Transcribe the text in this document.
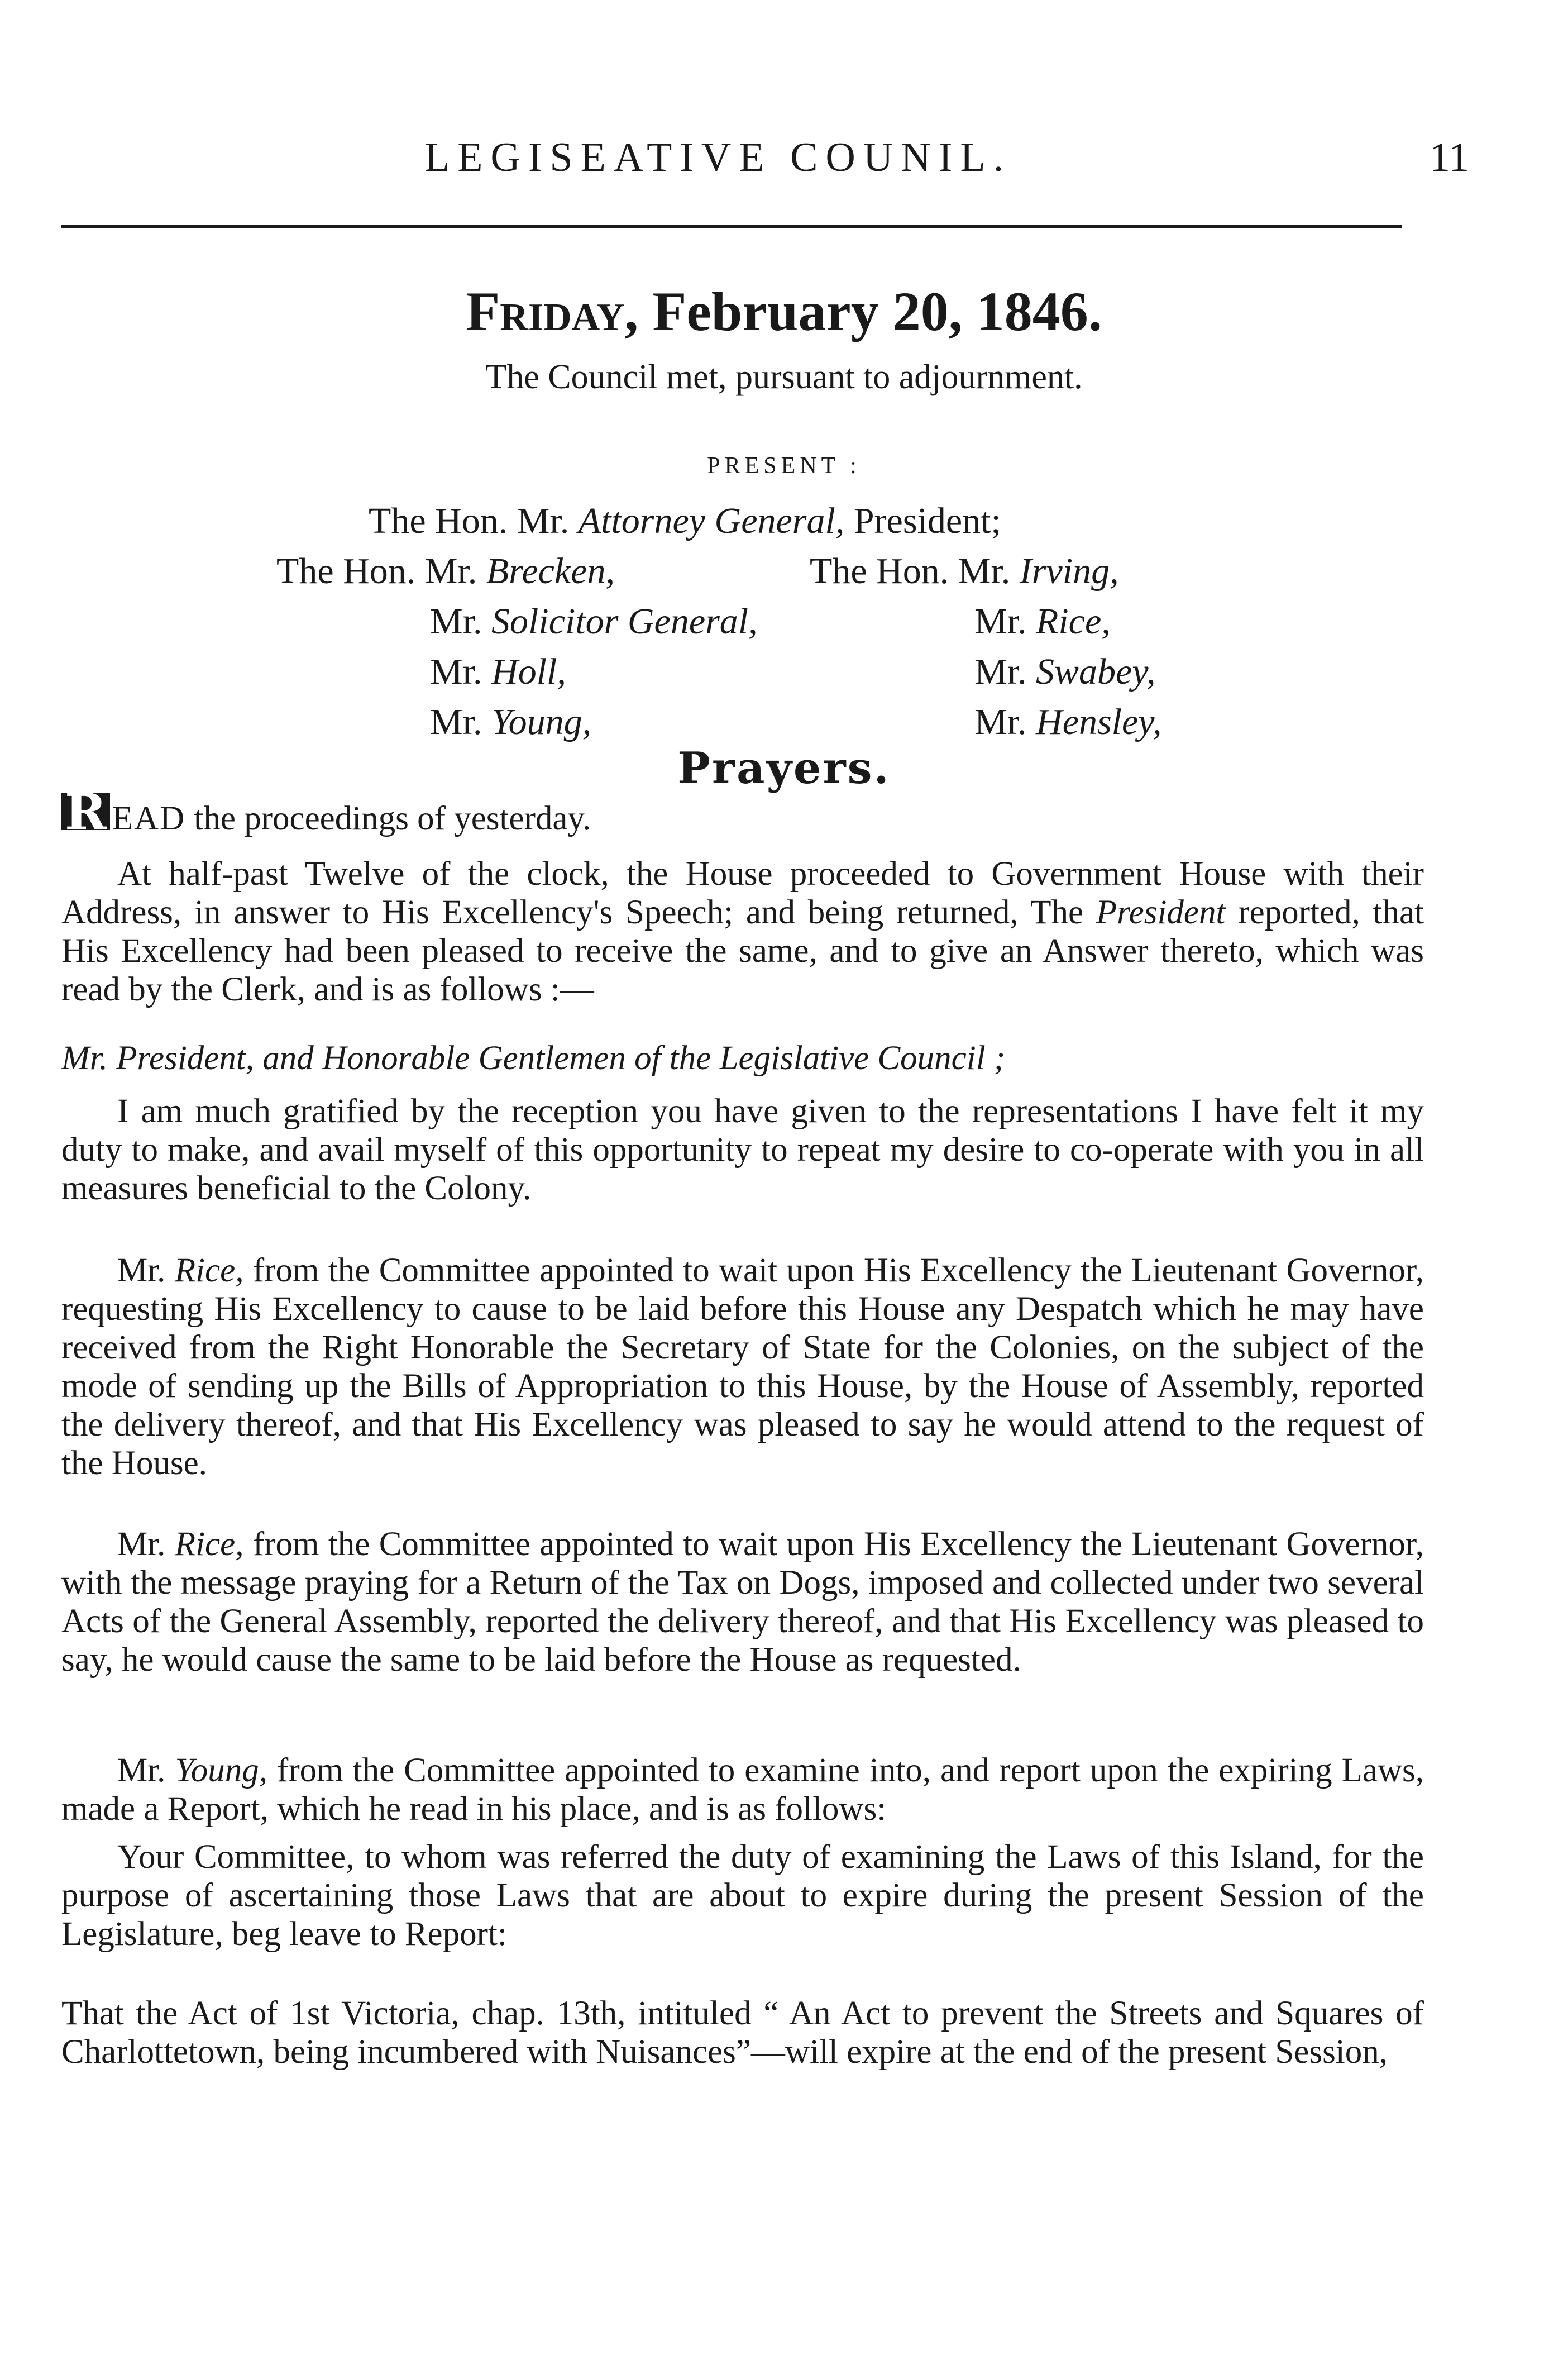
LEGISEATIVE COUNIL.	11
Friday, February 20, 1846.
The Council met, pursuant to adjournment.
PRESENT :
The Hon. Mr. Attorney General, President;
The Hon. Mr. Brecken,	The Hon. Mr. Irving,
Mr. Solicitor General,	Mr. Rice,
Mr. Holl,	Mr. Swabey,
Mr. Young,	Mr. Hensley,
Prayers.

R EAD the proceedings of yesterday.

At half-past Twelve of the clock, the House proceeded to Government House with their Address, in answer to His Excellency's Speech; and being returned, The President reported, that His Excellency had been pleased to receive the same, and to give an Answer thereto, which was read by the Clerk, and is as follows :—

Mr. President, and Honorable Gentlemen of the Legislative Council ;

I am much gratified by the reception you have given to the representations I have felt it my duty to make, and avail myself of this opportunity to repeat my desire to co-operate with you in all measures beneficial to the Colony.

Mr. Rice, from the Committee appointed to wait upon His Excellency the Lieutenant Governor, requesting His Excellency to cause to be laid before this House any Despatch which he may have received from the Right Honorable the Secretary of State for the Colonies, on the subject of the mode of sending up the Bills of Appropriation to this House, by the House of Assembly, reported the delivery thereof, and that His Excellency was pleased to say he would attend to the request of the House.

Mr. Rice, from the Committee appointed to wait upon His Excellency the Lieutenant Governor, with the message praying for a Return of the Tax on Dogs, imposed and collected under two several Acts of the General Assembly, reported the delivery thereof, and that His Excellency was pleased to say, he would cause the same to be laid before the House as requested.

Mr. Young, from the Committee appointed to examine into, and report upon the expiring Laws, made a Report, which he read in his place, and is as follows:

Your Committee, to whom was referred the duty of examining the Laws of this Island, for the purpose of ascertaining those Laws that are about to expire during the present Session of the Legislature, beg leave to Report:

That the Act of 1st Victoria, chap. 13th, intituled “ An Act to prevent the Streets and Squares of Charlottetown, being incumbered with Nuisances”—will expire at the end of the present Session,
